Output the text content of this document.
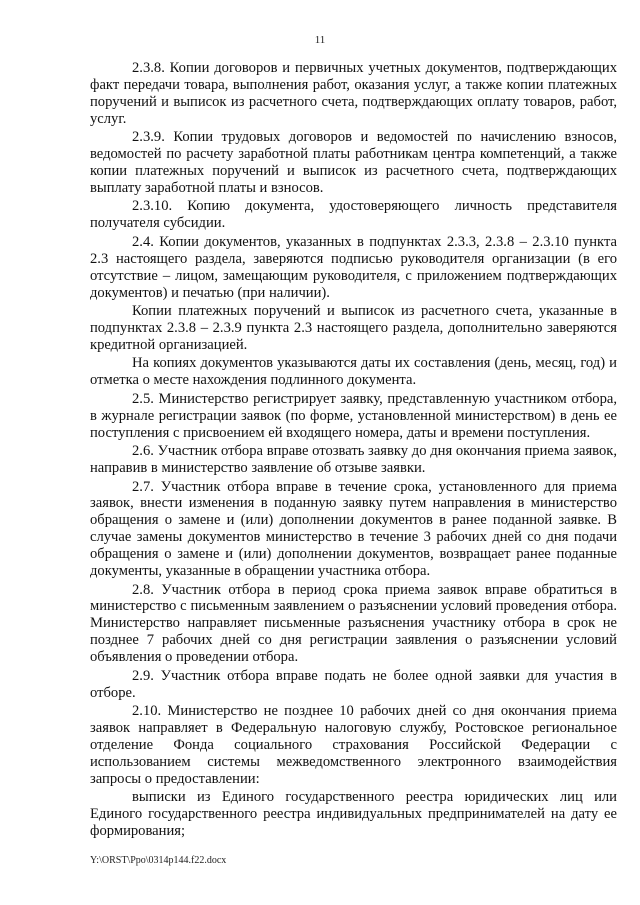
11

2.3.8. Копии договоров и первичных учетных документов, подтверждающих факт передачи товара, выполнения работ, оказания услуг, а также копии платежных поручений и выписок из расчетного счета, подтверждающих оплату товаров, работ, услуг.

2.3.9. Копии трудовых договоров и ведомостей по начислению взносов, ведомостей по расчету заработной платы работникам центра компетенций, а также копии платежных поручений и выписок из расчетного счета, подтверждающих выплату заработной платы и взносов.

2.3.10. Копию документа, удостоверяющего личность представителя получателя субсидии.

2.4. Копии документов, указанных в подпунктах 2.3.3, 2.3.8 – 2.3.10 пункта 2.3 настоящего раздела, заверяются подписью руководителя организации (в его отсутствие – лицом, замещающим руководителя, с приложением подтверждающих документов) и печатью (при наличии).

Копии платежных поручений и выписок из расчетного счета, указанные в подпунктах 2.3.8 – 2.3.9 пункта 2.3 настоящего раздела, дополнительно заверяются кредитной организацией.

На копиях документов указываются даты их составления (день, месяц, год) и отметка о месте нахождения подлинного документа.

2.5. Министерство регистрирует заявку, представленную участником отбора, в журнале регистрации заявок (по форме, установленной министерством) в день ее поступления с присвоением ей входящего номера, даты и времени поступления.

2.6. Участник отбора вправе отозвать заявку до дня окончания приема заявок, направив в министерство заявление об отзыве заявки.

2.7. Участник отбора вправе в течение срока, установленного для приема заявок, внести изменения в поданную заявку путем направления в министерство обращения о замене и (или) дополнении документов в ранее поданной заявке. В случае замены документов министерство в течение 3 рабочих дней со дня подачи обращения о замене и (или) дополнении документов, возвращает ранее поданные документы, указанные в обращении участника отбора.

2.8. Участник отбора в период срока приема заявок вправе обратиться в министерство с письменным заявлением о разъяснении условий проведения отбора. Министерство направляет письменные разъяснения участнику отбора в срок не позднее 7 рабочих дней со дня регистрации заявления о разъяснении условий объявления о проведении отбора.

2.9. Участник отбора вправе подать не более одной заявки для участия в отборе.

2.10. Министерство не позднее 10 рабочих дней со дня окончания приема заявок направляет в Федеральную налоговую службу, Ростовское региональное отделение Фонда социального страхования Российской Федерации с использованием системы межведомственного электронного взаимодействия запросы о предоставлении:

выписки из Единого государственного реестра юридических лиц или Единого государственного реестра индивидуальных предпринимателей на дату ее формирования;

Y:\ORST\Ppo\0314p144.f22.docx
